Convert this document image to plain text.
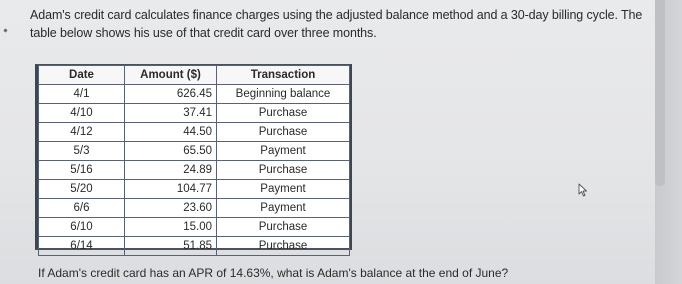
Adam's credit card calculates finance charges using the adjusted balance method and a 30-day billing cycle. The table below shows his use of that credit card over three months.

Date	Amount ($)	Transaction
4/1	626.45	Beginning balance
4/10	37.41	Purchase
4/12	44.50	Purchase
5/3	65.50	Payment
5/16	24.89	Purchase
5/20	104.77	Payment
6/6	23.60	Payment
6/10	15.00	Purchase
6/14	51.85	Purchase

If Adam's credit card has an APR of 14.63%, what is Adam's balance at the end of June?
